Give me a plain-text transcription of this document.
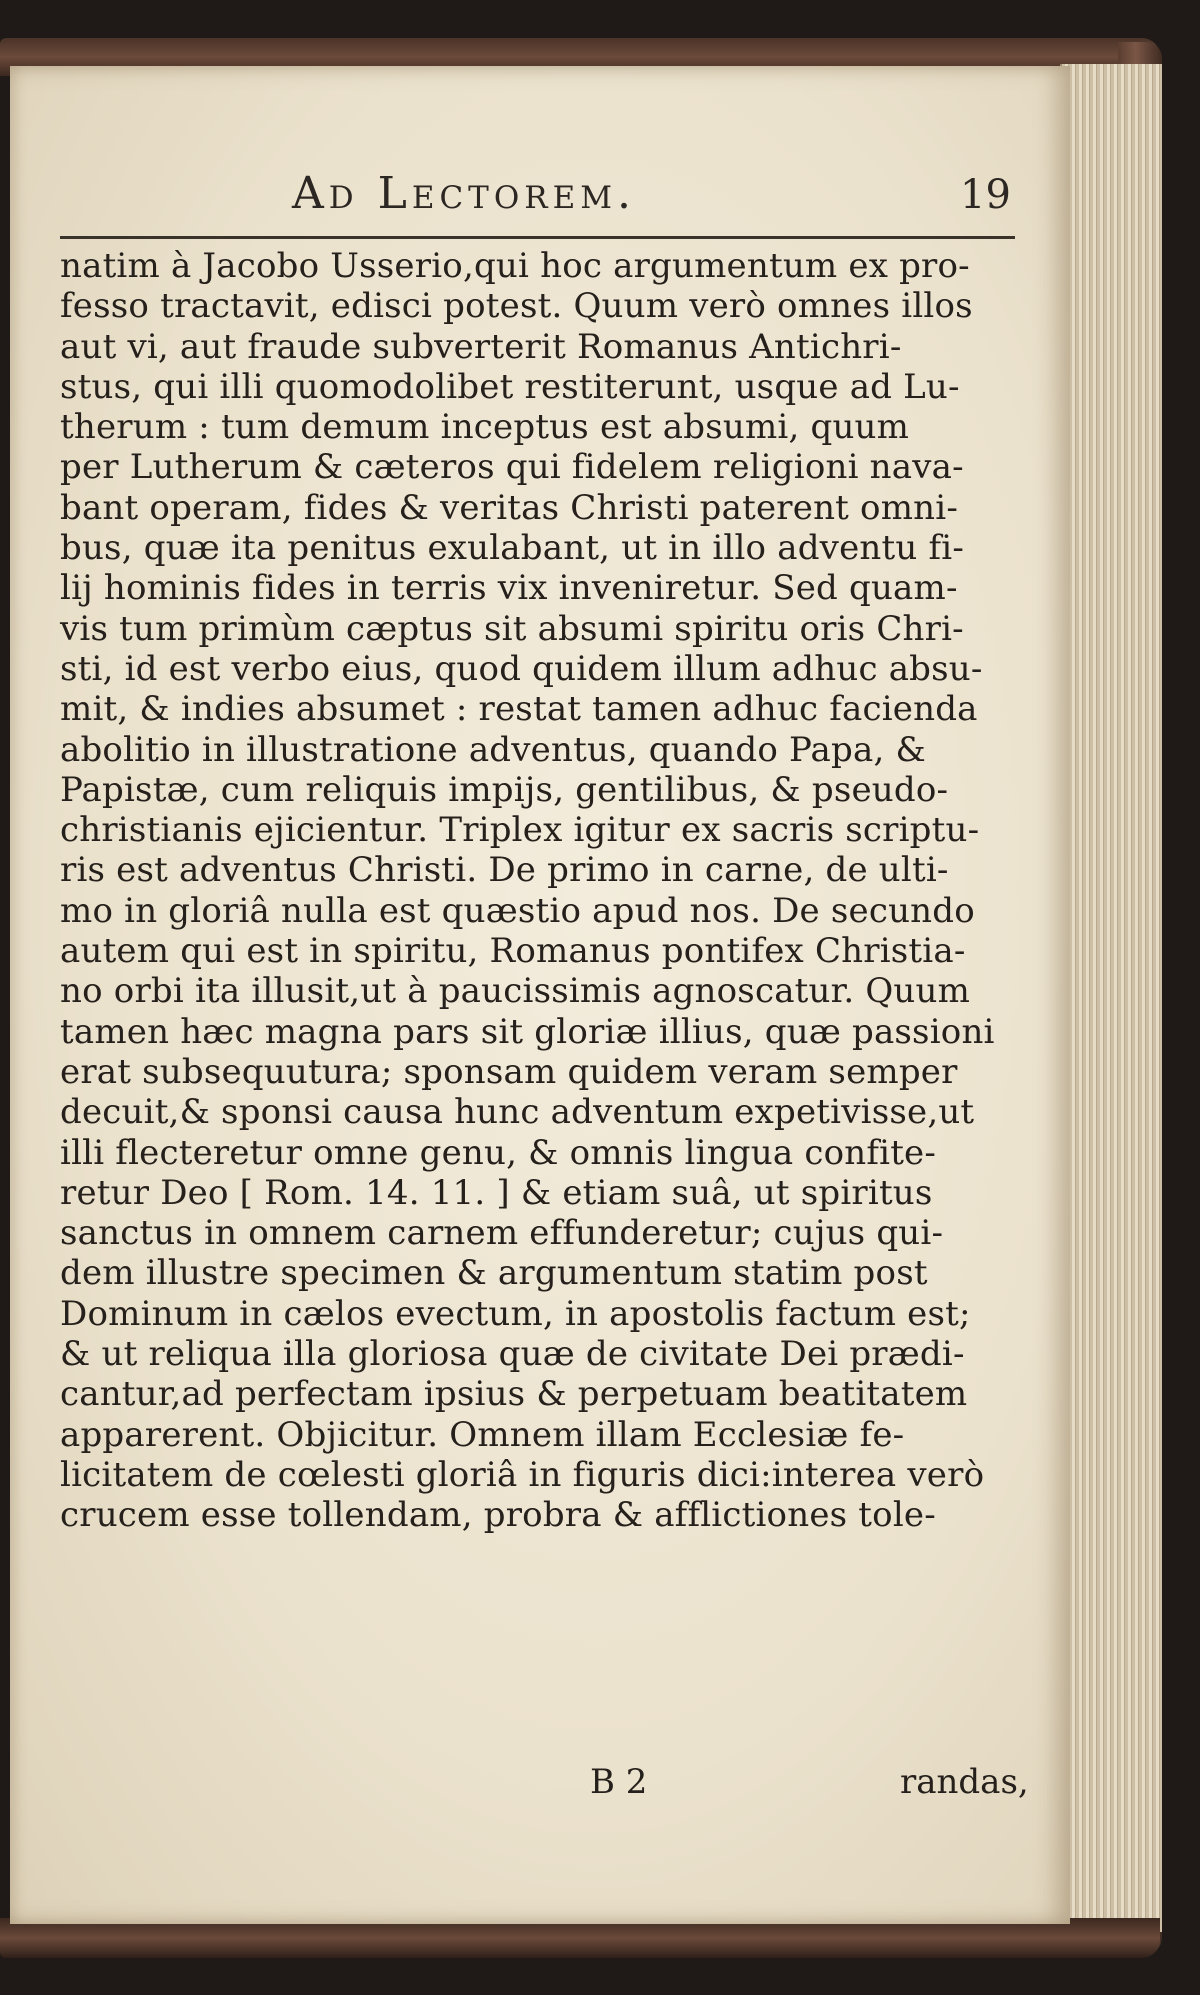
Ad Lectorem.	19
natim à Jacobo Usserio,qui hoc argumentum ex pro-
fesso tractavit, edisci potest. Quum verò omnes illos
aut vi, aut fraude subverterit Romanus Antichri-
stus, qui illi quomodolibet restiterunt, usque ad Lu-
therum : tum demum inceptus est absumi, quum
per Lutherum & cæteros qui fidelem religioni nava-
bant operam, fides & veritas Christi paterent omni-
bus, quæ ita penitus exulabant, ut in illo adventu fi-
lij hominis fides in terris vix inveniretur. Sed quam-
vis tum primùm cæptus sit absumi spiritu oris Chri-
sti, id est verbo eius, quod quidem illum adhuc absu-
mit, & indies absumet : restat tamen adhuc facienda
abolitio in illustratione adventus, quando Papa, &
Papistæ, cum reliquis impijs, gentilibus, & pseudo-
christianis ejicientur. Triplex igitur ex sacris scriptu-
ris est adventus Christi. De primo in carne, de ulti-
mo in gloriâ nulla est quæstio apud nos. De secundo
autem qui est in spiritu, Romanus pontifex Christia-
no orbi ita illusit,ut à paucissimis agnoscatur. Quum
tamen hæc magna pars sit gloriæ illius, quæ passioni
erat subsequutura; sponsam quidem veram semper
decuit,& sponsi causa hunc adventum expetivisse,ut
illi flecteretur omne genu, & omnis lingua confite-
retur Deo [ Rom. 14. 11. ] & etiam suâ, ut spiritus
sanctus in omnem carnem effunderetur; cujus qui-
dem illustre specimen & argumentum statim post
Dominum in cælos evectum, in apostolis factum est;
& ut reliqua illa gloriosa quæ de civitate Dei prædi-
cantur,ad perfectam ipsius & perpetuam beatitatem
apparerent. Objicitur. Omnem illam Ecclesiæ fe-
licitatem de cœlesti gloriâ in figuris dici:interea verò
crucem esse tollendam, probra & afflictiones tole-
B 2	randas,
